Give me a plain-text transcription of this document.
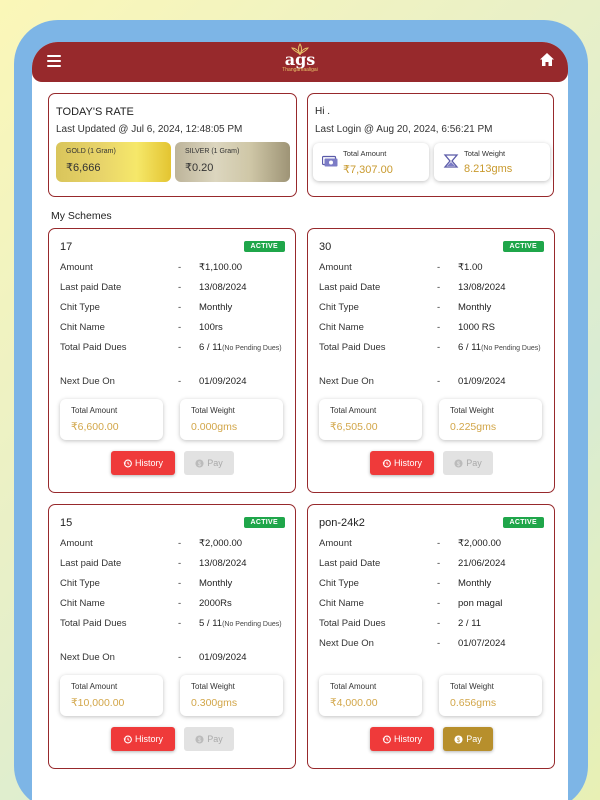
ags
Thangamaaligai
TODAY'S RATE
Last Updated @ Jul 6, 2024, 12:48:05 PM
GOLD (1 Gram)
₹6,666
SILVER (1 Gram)
₹0.20
Hi .
Last Login @ Aug 20, 2024, 6:56:21 PM
Total Amount
₹7,307.00
Total Weight
8.213gms
My Schemes
17	ACTIVE
Amount	- ₹1,100.00
Last paid Date	- 13/08/2024
Chit Type	- Monthly
Chit Name	- 100rs
Total Paid Dues	- 6 / 11(No Pending Dues)
Next Due On	- 01/09/2024
Total Amount
₹6,600.00
Total Weight
0.000gms
History	$ Pay
30	ACTIVE
Amount	- ₹1.00
Last paid Date	- 13/08/2024
Chit Type	- Monthly
Chit Name	- 1000 RS
Total Paid Dues	- 6 / 11(No Pending Dues)
Next Due On	- 01/09/2024
Total Amount
₹6,505.00
Total Weight
0.225gms
History	$ Pay
15	ACTIVE
Amount	- ₹2,000.00
Last paid Date	- 13/08/2024
Chit Type	- Monthly
Chit Name	- 2000Rs
Total Paid Dues	- 5 / 11(No Pending Dues)
Next Due On	- 01/09/2024
Total Amount
₹10,000.00
Total Weight
0.300gms
History	$ Pay
pon-24k2	ACTIVE
Amount	- ₹2,000.00
Last paid Date	- 21/06/2024
Chit Type	- Monthly
Chit Name	- pon magal
Total Paid Dues	- 2 / 11
Next Due On	- 01/07/2024
Total Amount
₹4,000.00
Total Weight
0.656gms
History	$ Pay
